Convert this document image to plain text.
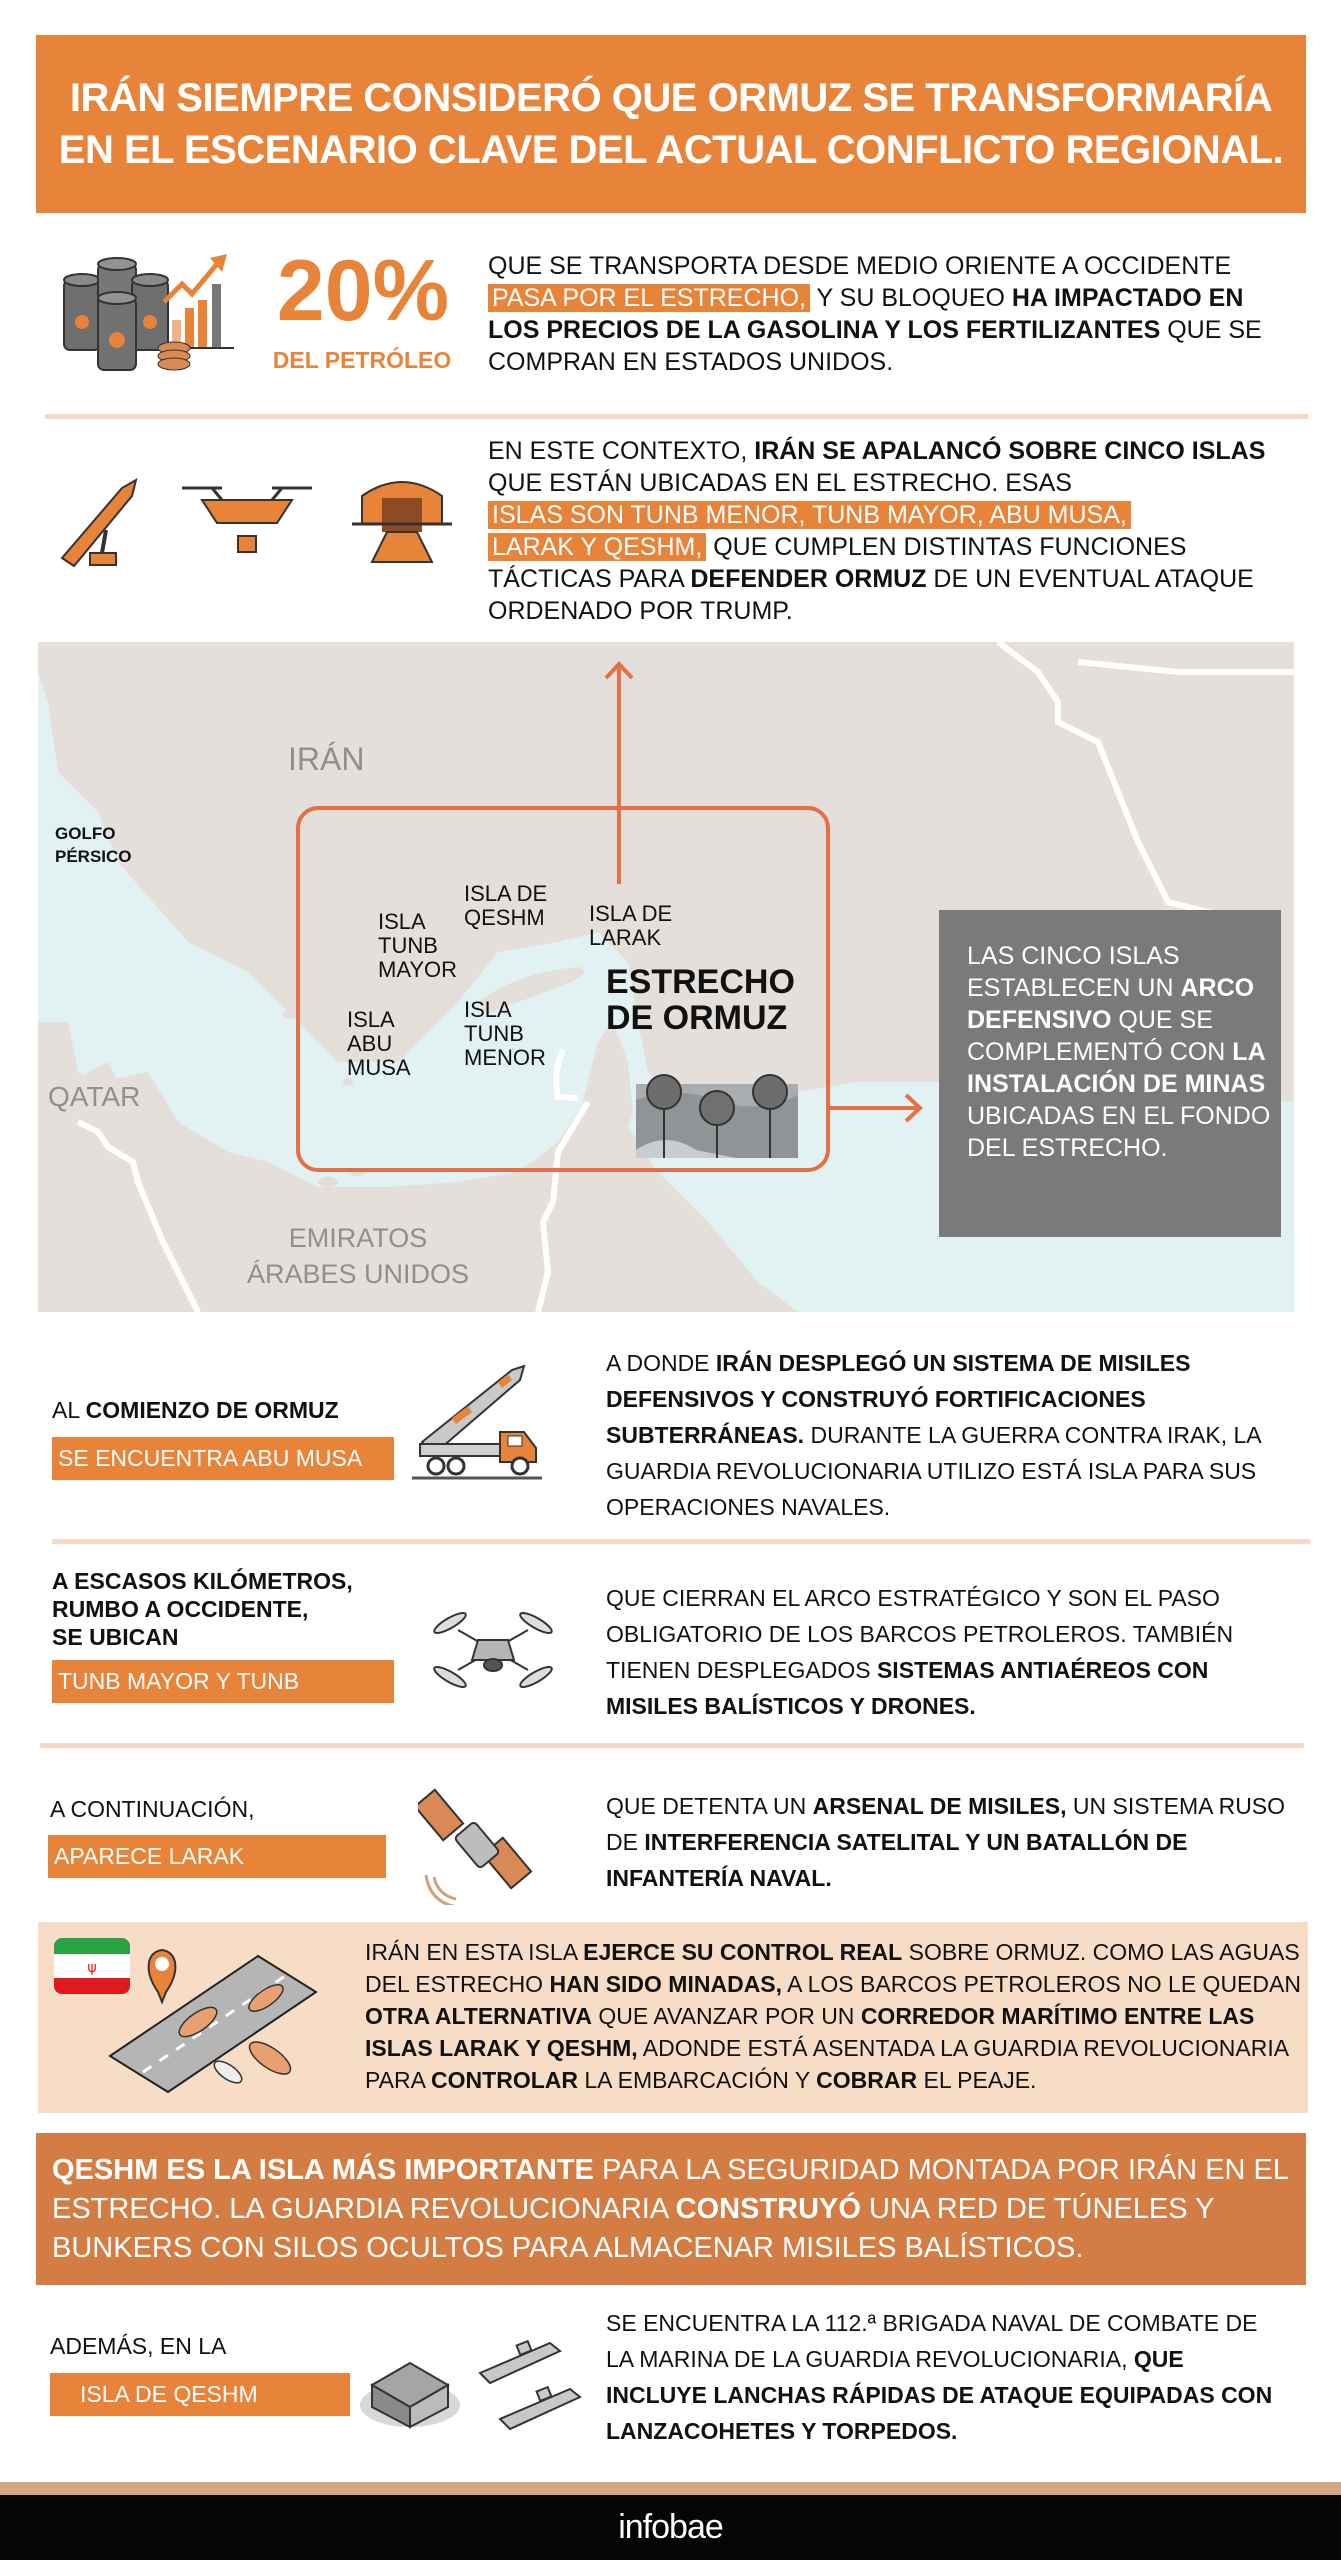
IRÁN SIEMPRE CONSIDERÓ QUE ORMUZ SE TRANSFORMARÍA
EN EL ESCENARIO CLAVE DEL ACTUAL CONFLICTO REGIONAL.
20%
DEL PETRÓLEO
QUE SE TRANSPORTA DESDE MEDIO ORIENTE A OCCIDENTE
PASA POR EL ESTRECHO, Y SU BLOQUEO HA IMPACTADO EN LOS PRECIOS DE LA GASOLINA Y LOS FERTILIZANTES QUE SE COMPRAN EN ESTADOS UNIDOS.
EN ESTE CONTEXTO, IRÁN SE APALANCÓ SOBRE CINCO ISLAS QUE ESTÁN UBICADAS EN EL ESTRECHO. ESAS
ISLAS SON TUNB MENOR, TUNB MAYOR, ABU MUSA,
LARAK Y QESHM, QUE CUMPLEN DISTINTAS FUNCIONES TÁCTICAS PARA DEFENDER ORMUZ DE UN EVENTUAL ATAQUE ORDENADO POR TRUMP.
IRÁN
QATAR
EMIRATOS
ÁRABES UNIDOS
GOLFO
PÉRSICO
ISLA DE
QESHM ISLA DE
LARAK
ISLA
TUNB
MAYOR
ISLA
ABU
MUSA
ISLA
TUNB
MENOR
ESTRECHO
DE ORMUZ
LAS CINCO ISLAS ESTABLECEN UN ARCO DEFENSIVO QUE SE COMPLEMENTÓ CON LA INSTALACIÓN DE MINAS UBICADAS EN EL FONDO DEL ESTRECHO.
AL COMIENZO DE ORMUZ
SE ENCUENTRA ABU MUSA
A DONDE IRÁN DESPLEGÓ UN SISTEMA DE MISILES DEFENSIVOS Y CONSTRUYÓ FORTIFICACIONES SUBTERRÁNEAS. DURANTE LA GUERRA CONTRA IRAK, LA GUARDIA REVOLUCIONARIA UTILIZO ESTÁ ISLA PARA SUS OPERACIONES NAVALES.
A ESCASOS KILÓMETROS,
RUMBO A OCCIDENTE,
SE UBICAN
TUNB MAYOR Y TUNB MENOR,
QUE CIERRAN EL ARCO ESTRATÉGICO Y SON EL PASO OBLIGATORIO DE LOS BARCOS PETROLEROS. TAMBIÉN TIENEN DESPLEGADOS SISTEMAS ANTIAÉREOS CON MISILES BALÍSTICOS Y DRONES.
A CONTINUACIÓN,
APARECE LARAK
QUE DETENTA UN ARSENAL DE MISILES, UN SISTEMA RUSO DE INTERFERENCIA SATELITAL Y UN BATALLÓN DE INFANTERÍA NAVAL.
ψ
IRÁN EN ESTA ISLA EJERCE SU CONTROL REAL SOBRE ORMUZ. COMO LAS AGUAS DEL ESTRECHO HAN SIDO MINADAS, A LOS BARCOS PETROLEROS NO LE QUEDAN OTRA ALTERNATIVA QUE AVANZAR POR UN CORREDOR MARÍTIMO ENTRE LAS ISLAS LARAK Y QESHM, ADONDE ESTÁ ASENTADA LA GUARDIA REVOLUCIONARIA PARA CONTROLAR LA EMBARCACIÓN Y COBRAR EL PEAJE.
QESHM ES LA ISLA MÁS IMPORTANTE PARA LA SEGURIDAD MONTADA POR IRÁN EN EL ESTRECHO. LA GUARDIA REVOLUCIONARIA CONSTRUYÓ UNA RED DE TÚNELES Y BUNKERS CON SILOS OCULTOS PARA ALMACENAR MISILES BALÍSTICOS.
ADEMÁS, EN LA
ISLA DE QESHM
SE ENCUENTRA LA 112.ª BRIGADA NAVAL DE COMBATE DE LA MARINA DE LA GUARDIA REVOLUCIONARIA, QUE INCLUYE LANCHAS RÁPIDAS DE ATAQUE EQUIPADAS CON LANZACOHETES Y TORPEDOS.
infobae
